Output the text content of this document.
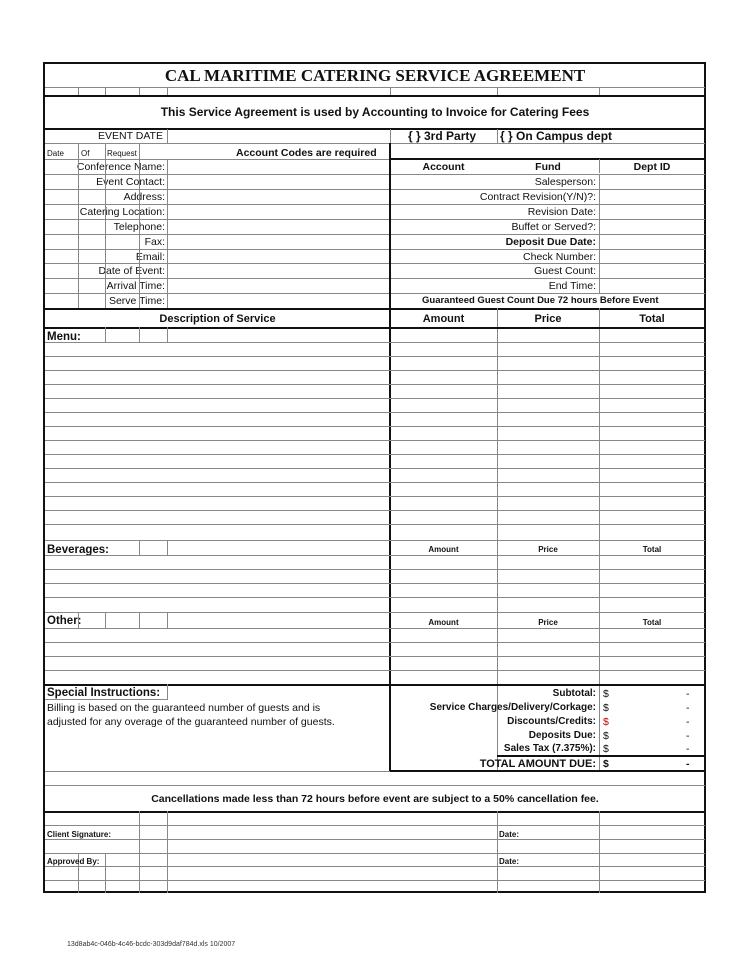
CAL MARITIME CATERING SERVICE AGREEMENT
This Service Agreement is used by Accounting to Invoice for Catering Fees
EVENT DATE	{ } 3rd Party { } On Campus dept
Date Of Request	Account Codes are required
Account	Fund	Dept ID
Conference Name:
Event Contact:
Address:
Catering Location:
Telephone:
Fax:
Email:
Date of Event:
Arrival Time:
Serve Time:
Salesperson:
Contract Revision(Y/N)?:
Revision Date:
Buffet or Served?:
Deposit Due Date:
Check Number:
Guest Count:
End Time:
Guaranteed Guest Count Due 72 hours Before Event
Description of Service	Amount	Price	Total
Menu:
Beverages:	Amount	Price	Total
Other:	Amount	Price	Total
Special Instructions:
Billing is based on the guaranteed number of guests and is
adjusted for any overage of the guaranteed number of guests.
Subtotal: $	-
Service Charges/Delivery/Corkage: $	-
Discounts/Credits: $	-
Deposits Due: $	-
Sales Tax (7.375%): $	-
TOTAL AMOUNT DUE: $	-
Cancellations made less than 72 hours before event are subject to a 50% cancellation fee.
Client Signature:	Date:
Approved By:	Date:
13d8ab4c-046b-4c46-bcdc-303d9daf784d.xls 10/2007
